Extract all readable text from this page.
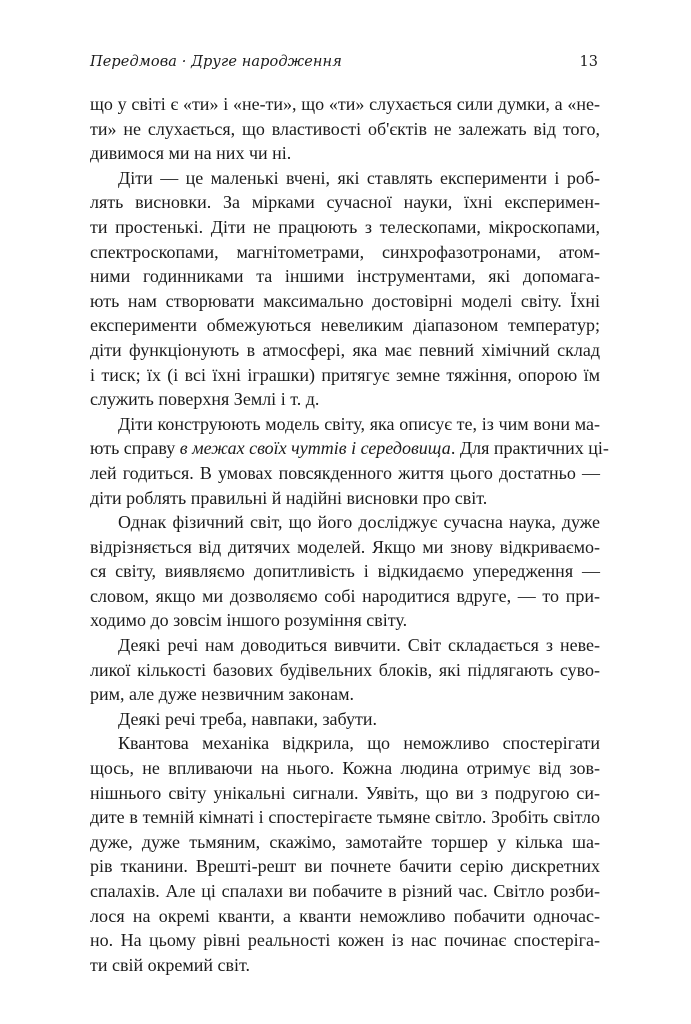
Передмова · Друге народження	13
що у світі є «ти» і «не-ти», що «ти» слухається сили думки, а «не-
ти» не слухається, що властивості об'єктів не залежать від того,
дивимося ми на них чи ні.
Діти — це маленькі вчені, які ставлять експерименти і роб-
лять висновки. За мірками сучасної науки, їхні експеримен-
ти простенькі. Діти не працюють з телескопами, мікроскопами,
спектроскопами, магнітометрами, синхрофазотронами, атом-
ними годинниками та іншими інструментами, які допомага-
ють нам створювати максимально достовірні моделі світу. Їхні
експерименти обмежуються невеликим діапазоном температур;
діти функціонують в атмосфері, яка має певний хімічний склад
і тиск; їх (і всі їхні іграшки) притягує земне тяжіння, опорою їм
служить поверхня Землі і т. д.
Діти конструюють модель світу, яка описує те, із чим вони ма-
ють справу в межах своїх чуттів і середовища. Для практичних ці-
лей годиться. В умовах повсякденного життя цього достатньо —
діти роблять правильні й надійні висновки про світ.
Однак фізичний світ, що його досліджує сучасна наука, дуже
відрізняється від дитячих моделей. Якщо ми знову відкриваємо-
ся світу, виявляємо допитливість і відкидаємо упередження —
словом, якщо ми дозволяємо собі народитися вдруге, — то при-
ходимо до зовсім іншого розуміння світу.
Деякі речі нам доводиться вивчити. Світ складається з неве-
ликої кількості базових будівельних блоків, які підлягають суво-
рим, але дуже незвичним законам.
Деякі речі треба, навпаки, забути.
Квантова механіка відкрила, що неможливо спостерігати
щось, не впливаючи на нього. Кожна людина отримує від зов-
нішнього світу унікальні сигнали. Уявіть, що ви з подругою си-
дите в темній кімнаті і спостерігаєте тьмяне світло. Зробіть світло
дуже, дуже тьмяним, скажімо, замотайте торшер у кілька ша-
рів тканини. Врешті-решт ви почнете бачити серію дискретних
спалахів. Але ці спалахи ви побачите в різний час. Світло розби-
лося на окремі кванти, а кванти неможливо побачити одночас-
но. На цьому рівні реальності кожен із нас починає спостеріга-
ти свій окремий світ.
